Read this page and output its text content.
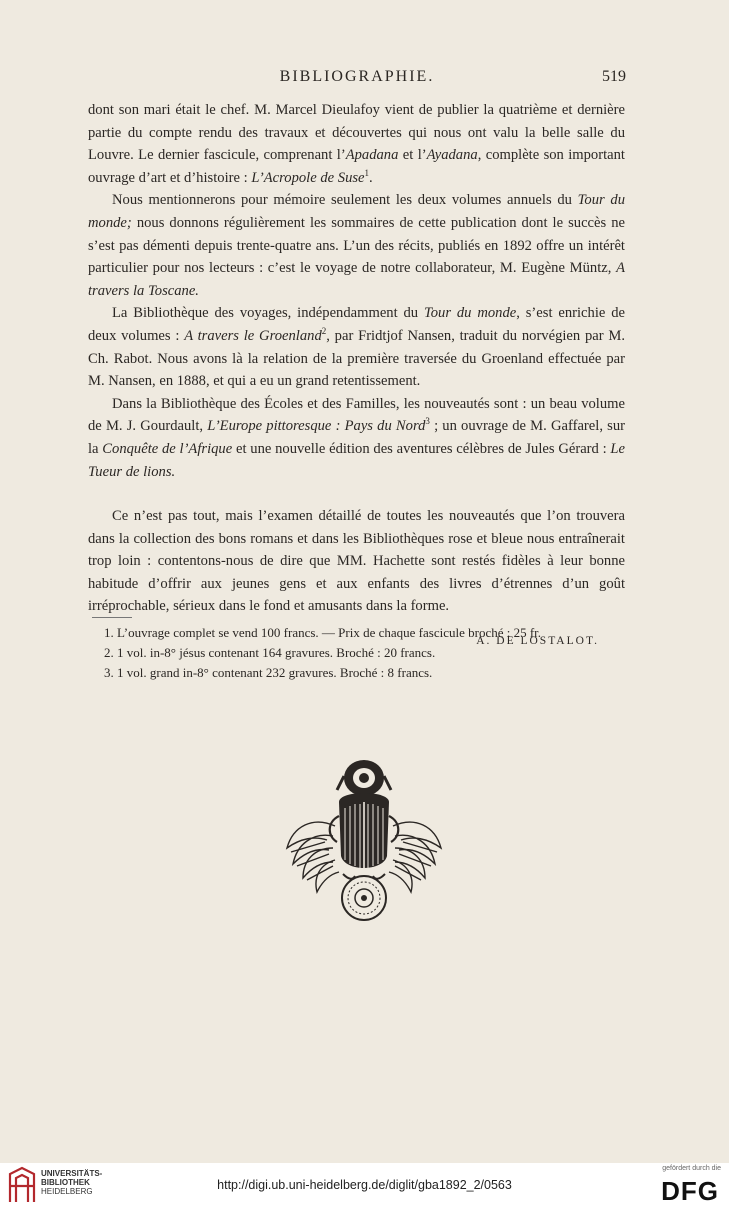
BIBLIOGRAPHIE.	519

dont son mari était le chef. M. Marcel Dieulafoy vient de publier la quatrième et dernière partie du compte rendu des travaux et découvertes qui nous ont valu la belle salle du Louvre. Le dernier fascicule, comprenant l’Apadana et l’Ayadana, complète son important ouvrage d’art et d’histoire : L’Acropole de Suse$^1$.

Nous mentionnerons pour mémoire seulement les deux volumes annuels du Tour du monde; nous donnons régulièrement les sommaires de cette publication dont le succès ne s’est pas démenti depuis trente-quatre ans. L’un des récits, publiés en 1892 offre un intérêt particulier pour nos lecteurs : c’est le voyage de notre collaborateur, M. Eugène Müntz, A travers la Toscane.

La Bibliothèque des voyages, indépendamment du Tour du monde, s’est enrichie de deux volumes : A travers le Groenland$^2$, par Fridtjof Nansen, traduit du norvégien par M. Ch. Rabot. Nous avons là la relation de la première traversée du Groenland effectuée par M. Nansen, en 1888, et qui a eu un grand retentissement.

Dans la Bibliothèque des Écoles et des Familles, les nouveautés sont : un beau volume de M. J. Gourdault, L’Europe pittoresque : Pays du Nord$^3$ ; un ouvrage de M. Gaffarel, sur la Conquête de l’Afrique et une nouvelle édition des aventures célèbres de Jules Gérard : Le Tueur de lions.

Ce n’est pas tout, mais l’examen détaillé de toutes les nouveautés que l’on trouvera dans la collection des bons romans et dans les Bibliothèques rose et bleue nous entraînerait trop loin : contentons-nous de dire que MM. Hachette sont restés fidèles à leur bonne habitude d’offrir aux jeunes gens et aux enfants des livres d’étrennes d’un goût irréprochable, sérieux dans le fond et amusants dans la forme.

A. DE LOSTALOT.
1. L’ouvrage complet se vend 100 francs. — Prix de chaque fascicule broché : 25 fr.
2. 1 vol. in-8° jésus contenant 164 gravures. Broché : 20 francs.
3. 1 vol. grand in-8° contenant 232 gravures. Broché : 8 francs.
UNIVERSITÄTS-
BIBLIOTHEK
HEIDELBERG	http://digi.ub.uni-heidelberg.de/diglit/gba1892_2/0563
gefördert durch die
DFG
